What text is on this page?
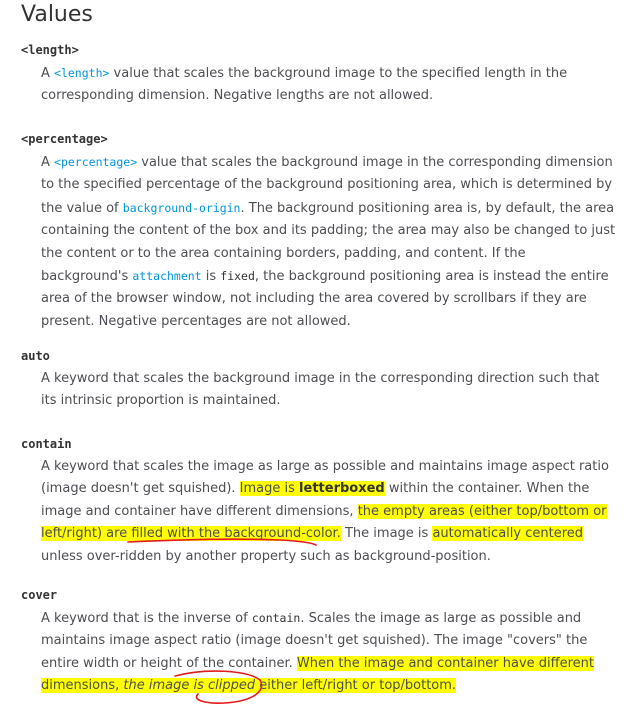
Values
<length>
A <length> value that scales the background image to the specified length in the corresponding dimension. Negative lengths are not allowed.
<percentage>
A <percentage> value that scales the background image in the corresponding dimension to the specified percentage of the background positioning area, which is determined by the value of background-origin. The background positioning area is, by default, the area containing the content of the box and its padding; the area may also be changed to just the content or to the area containing borders, padding, and content. If the background's attachment is fixed, the background positioning area is instead the entire area of the browser window, not including the area covered by scrollbars if they are present. Negative percentages are not allowed.
auto
A keyword that scales the background image in the corresponding direction such that its intrinsic proportion is maintained.
contain
A keyword that scales the image as large as possible and maintains image aspect ratio (image doesn't get squished). Image is letterboxed within the container. When the image and container have different dimensions, the empty areas (either top/bottom or left/right) are filled with the background-color. The image is automatically centered unless over-ridden by another property such as background-position.
cover
A keyword that is the inverse of contain. Scales the image as large as possible and maintains image aspect ratio (image doesn't get squished). The image "covers" the entire width or height of the container. When the image and container have different dimensions, the image is clipped either left/right or top/bottom.
